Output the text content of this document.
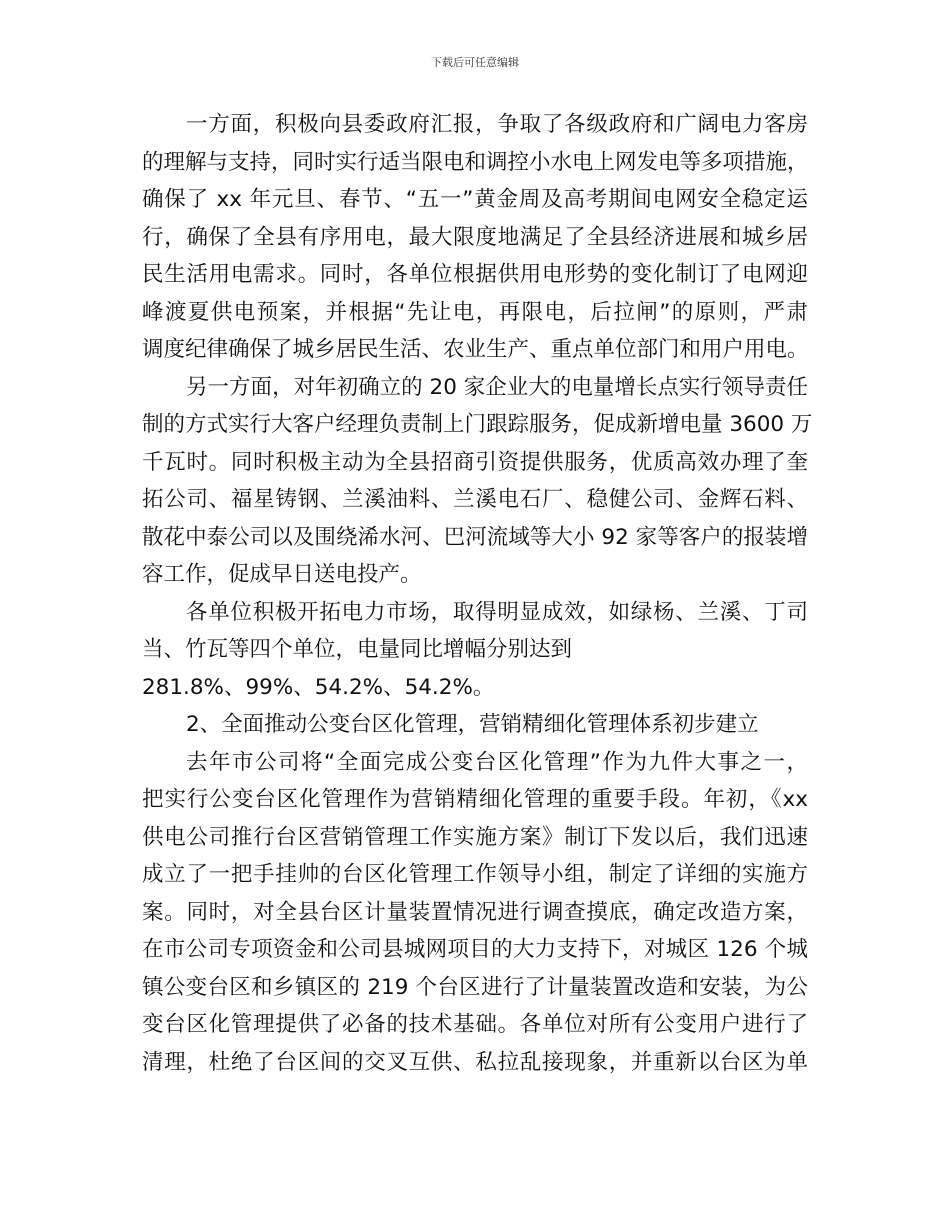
下载后可任意编辑
一方面，积极向县委政府汇报，争取了各级政府和广阔电力客房
的理解与支持，同时实行适当限电和调控小水电上网发电等多项措施，
确保了 xx 年元旦、春节、“五一”黄金周及高考期间电网安全稳定运
行，确保了全县有序用电，最大限度地满足了全县经济进展和城乡居
民生活用电需求。同时，各单位根据供用电形势的变化制订了电网迎
峰渡夏供电预案，并根据“先让电，再限电，后拉闸”的原则，严肃
调度纪律确保了城乡居民生活、农业生产、重点单位部门和用户用电。
另一方面，对年初确立的 20 家企业大的电量增长点实行领导责任
制的方式实行大客户经理负责制上门跟踪服务，促成新增电量 3600 万
千瓦时。同时积极主动为全县招商引资提供服务，优质高效办理了奎
拓公司、福星铸钢、兰溪油料、兰溪电石厂、稳健公司、金辉石料、
散花中泰公司以及围绕浠水河、巴河流域等大小 92 家等客户的报装增
容工作，促成早日送电投产。
各单位积极开拓电力市场，取得明显成效，如绿杨、兰溪、丁司
当、竹瓦等四个单位，电量同比增幅分别达到
281.8%、99%、54.2%、54.2%。
2、全面推动公变台区化管理，营销精细化管理体系初步建立
去年市公司将“全面完成公变台区化管理”作为九件大事之一，
把实行公变台区化管理作为营销精细化管理的重要手段。年初，《xx
供电公司推行台区营销管理工作实施方案》制订下发以后，我们迅速
成立了一把手挂帅的台区化管理工作领导小组，制定了详细的实施方
案。同时，对全县台区计量装置情况进行调查摸底，确定改造方案，
在市公司专项资金和公司县城网项目的大力支持下，对城区 126 个城
镇公变台区和乡镇区的 219 个台区进行了计量装置改造和安装，为公
变台区化管理提供了必备的技术基础。各单位对所有公变用户进行了
清理，杜绝了台区间的交叉互供、私拉乱接现象，并重新以台区为单
